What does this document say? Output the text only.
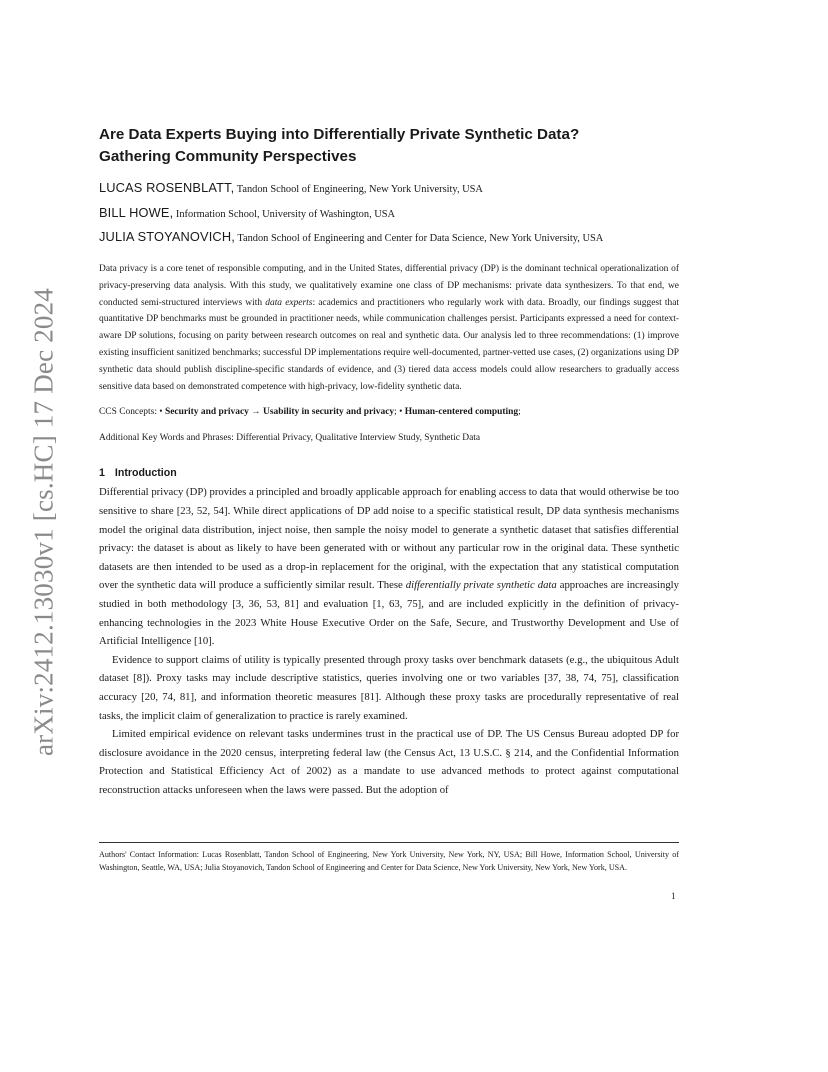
arXiv:2412.13030v1 [cs.HC] 17 Dec 2024
Are Data Experts Buying into Differentially Private Synthetic Data?
Gathering Community Perspectives
LUCAS ROSENBLATT, Tandon School of Engineering, New York University, USA
BILL HOWE, Information School, University of Washington, USA
JULIA STOYANOVICH, Tandon School of Engineering and Center for Data Science, New York University, USA

Data privacy is a core tenet of responsible computing, and in the United States, differential privacy (DP) is the dominant technical operationalization of privacy-preserving data analysis. With this study, we qualitatively examine one class of DP mechanisms: private data synthesizers. To that end, we conducted semi-structured interviews with data experts: academics and practitioners who regularly work with data. Broadly, our findings suggest that quantitative DP benchmarks must be grounded in practitioner needs, while communication challenges persist. Participants expressed a need for context-aware DP solutions, focusing on parity between research outcomes on real and synthetic data. Our analysis led to three recommendations: (1) improve existing insufficient sanitized benchmarks; successful DP implementations require well-documented, partner-vetted use cases, (2) organizations using DP synthetic data should publish discipline-specific standards of evidence, and (3) tiered data access models could allow researchers to gradually access sensitive data based on demonstrated competence with high-privacy, low-fidelity synthetic data.

CCS Concepts: • Security and privacy → Usability in security and privacy; • Human-centered computing;

Additional Key Words and Phrases: Differential Privacy, Qualitative Interview Study, Synthetic Data

1 Introduction

Differential privacy (DP) provides a principled and broadly applicable approach for enabling access to data that would otherwise be too sensitive to share [23, 52, 54]. While direct applications of DP add noise to a specific statistical result, DP data synthesis mechanisms model the original data distribution, inject noise, then sample the noisy model to generate a synthetic dataset that satisfies differential privacy: the dataset is about as likely to have been generated with or without any particular row in the original data. These synthetic datasets are then intended to be used as a drop-in replacement for the original, with the expectation that any statistical computation over the synthetic data will produce a sufficiently similar result. These differentially private synthetic data approaches are increasingly studied in both methodology [3, 36, 53, 81] and evaluation [1, 63, 75], and are included explicitly in the definition of privacy-enhancing technologies in the 2023 White House Executive Order on the Safe, Secure, and Trustworthy Development and Use of Artificial Intelligence [10].

Evidence to support claims of utility is typically presented through proxy tasks over benchmark datasets (e.g., the ubiquitous Adult dataset [8]). Proxy tasks may include descriptive statistics, queries involving one or two variables [37, 38, 74, 75], classification accuracy [20, 74, 81], and information theoretic measures [81]. Although these proxy tasks are procedurally representative of real tasks, the implicit claim of generalization to practice is rarely examined.

Limited empirical evidence on relevant tasks undermines trust in the practical use of DP. The US Census Bureau adopted DP for disclosure avoidance in the 2020 census, interpreting federal law (the Census Act, 13 U.S.C. § 214, and the Confidential Information Protection and Statistical Efficiency Act of 2002) as a mandate to use advanced methods to protect against computational reconstruction attacks unforeseen when the laws were passed. But the adoption of

Authors' Contact Information: Lucas Rosenblatt, Tandon School of Engineering, New York University, New York, NY, USA; Bill Howe, Information School, University of Washington, Seattle, WA, USA; Julia Stoyanovich, Tandon School of Engineering and Center for Data Science, New York University, New York, New York, USA.
1
